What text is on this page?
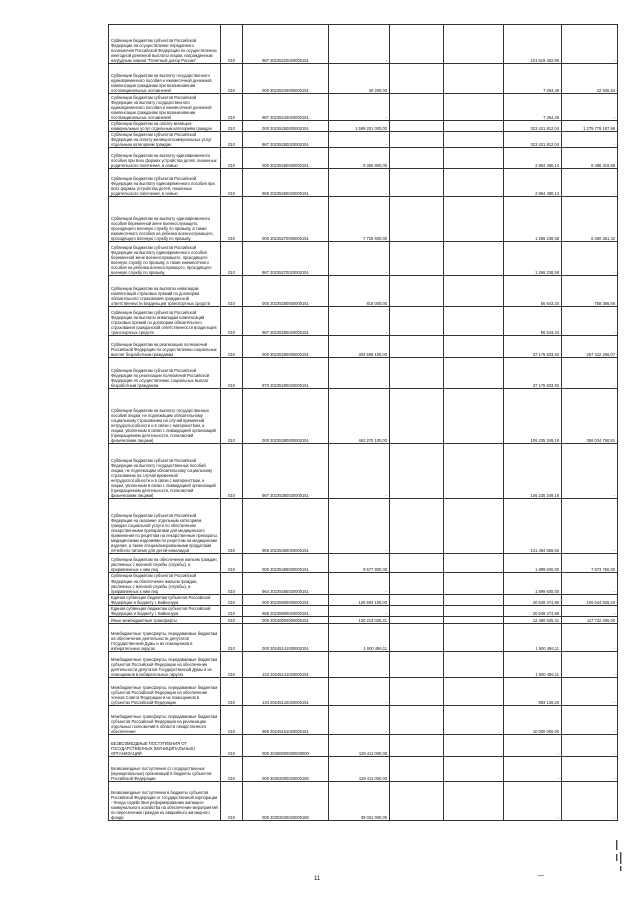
Субвенции бюджетам субъектов Российской Федерации на осуществление переданного полномочия Российской Федерации по осуществлению ежегодной денежной выплаты лицам, награжденным нагрудным знаком "Почетный донор России"	010	987 20235220020000151	-			101 619 452,96	-
Субвенции бюджетам на выплату государственного единовременного пособия и ежемесячной денежной компенсации гражданам при возникновении поствакцинальных осложнений	010	000 20235240000000151	30 200,00			7 264,46	22 935,54
Субвенции бюджетам субъектов Российской Федерации на выплату государственного единовременного пособия и ежемесячной денежной компенсации гражданам при возникновении поствакцинальных осложнений	010	987 20235240020000151	-			7 264,46	-
Субвенции бюджетам на оплату жилищно-коммунальных услуг отдельным категориям граждан	010	000 20235250000000151	1 599 201 000,00			323 421 812,04	1 275 779 187,96
Субвенции бюджетам субъектов Российской Федерации на оплату жилищно-коммунальных услуг отдельным категориям граждан	010	987 20235250020000151	-			323 421 812,04	-
Субвенции бюджетам на выплату единовременного пособия при всех формах устройства детей, лишенных родительского попечения, в семью	010	000 20235260000000151	9 350 800,00			2 864 480,14	6 486 319,86
Субвенции бюджетам субъектов Российской Федерации на выплату единовременного пособия при всех формах устройства детей, лишенных родительского попечения, в семью	010	968 20235260020000151	-			2 864 480,14	-
Субвенции бюджетам на выплату единовременного пособия беременной жене военнослужащего, проходящего военную службу по призыву, а также ежемесячного пособия на ребенка военнослужащего, проходящего военную службу по призыву	010	000 20235270000000151	7 726 600,00			1 266 238,58	6 460 361,42
Субвенции бюджетам субъектов Российской Федерации на выплату единовременного пособия беременной жене военнослужащего, проходящего военную службу по призыву, а также ежемесячного пособия на ребенка военнослужащего, проходящего военную службу по призыву	010	987 20235270020000151	-			1 266 238,58	-
Субвенции бюджетам на выплаты инвалидам компенсаций страховых премий по договорам обязательного страхования гражданской ответственности владельцев транспортных средств	010	000 20235280000000151	815 000,00			56 643,34	758 356,66
Субвенции бюджетам субъектов Российской Федерации на выплаты инвалидам компенсаций страховых премий по договорам обязательного страхования гражданской ответственности владельцев транспортных средств	010	987 20235280020000151	-			56 643,34	-
Субвенции бюджетам на реализацию полномочий Российской Федерации по осуществлению социальных выплат безработным гражданам	010	000 20235290000000151	304 598 100,00			37 175 833,93	267 422 266,07
Субвенции бюджетам субъектов Российской Федерации по реализации полномочий Российской Федерации по осуществлению социальных выплат безработным гражданам	010	970 20235290020000151	-			37 175 833,93	-
Субвенции бюджетам на выплату государственных пособий лицам, не подлежащим обязательному социальному страхованию на случай временной нетрудоспособности и в связи с материнством, и лицам, уволенным в связи с ликвидацией организаций (прекращением деятельности, полномочий физическими лицами)	010	000 20235380000000151	462 270 100,00			106 235 349,19	356 034 750,81
Субвенции бюджетам субъектов Российской Федерации на выплату государственных пособий лицам, не подлежащим обязательному социальному страхованию на случай временной нетрудоспособности и в связи с материнством, и лицам, уволенным в связи с ликвидацией организаций (прекращением деятельности, полномочий физическими лицами)	010	987 20235380020000151	-			106 235 349,19	-
Субвенции бюджетам субъектов Российской Федерации на оказание отдельным категориям граждан социальной услуги по обеспечению лекарственными препаратами для медицинского применения по рецептам на лекарственные препараты, медицинскими изделиями по рецептам на медицинские изделия, а также специализированными продуктами лечебного питания для детей-инвалидов	010	966 20235460020000151	-			131 484 555,56	-
Субвенции бюджетам на обеспечение жильем граждан, уволенных с военной службы (службы), и приравненных к ним лиц	010	000 20235485000000151	9 577 800,00			1 899 600,00	7 673 750,00
Субвенции бюджетам субъектов Российской Федерации на обеспечение жильем граждан, уволенных с военной службы (службы), и приравненных к ним лиц	010	964 20235485020000151	-			1 899 600,00	-
Единая субвенция бюджетам субъектов Российской Федерации и бюджету г. Байконура	010	000 20235900000000151	125 594 100,00			20 549 274,80	105 044 825,40
Единая субвенция бюджетам субъектов Российской Федерации и бюджету г. Байконура	010	985 20235900020000151	-			20 549 274,80	-
Иные межбюджетные трансферты	010	000 20240000000000151	130 213 025,31			12 480 625,31	117 732 400,00
Межбюджетные трансферты, передаваемые бюджетам на обеспечение деятельности депутатов Государственной Думы и их помощников в избирательных округах	010	000 20245141000000151	1 600 486,11			1 600 486,11	-
Межбюджетные трансферты, передаваемые бюджетам субъектов Российской Федерации на обеспечение деятельности депутатов Государственной Думы и их помощников в избирательных округах	010	133 20245141020000151	-			1 600 486,11	-
Межбюджетные трансферты, передаваемые бюджетам субъектов Российской Федерации на обеспечение членов Совета Федерации и их помощников в субъектах Российской Федерации	010	134 20245142020000151	-			893 139,20	-
Межбюджетные трансферты, передаваемые бюджетам субъектов Российской Федерации на реализацию отдельных полномочий в области лекарственного обеспечения	010	966 20245161020000151	-			10 000 000,00	-
БЕЗВОЗМЕЗДНЫЕ ПОСТУПЛЕНИЯ ОТ ГОСУДАРСТВЕННЫХ (МУНИЦИПАЛЬНЫХ) ОРГАНИЗАЦИЙ	010	000 20300000000000000	129 411 000,00			-	-
Безвозмездные поступления от государственных (муниципальных) организаций в бюджеты субъектов Российской Федерации	010	000 20302000020000180	129 411 000,00			-	-
Безвозмездные поступления в бюджеты субъектов Российской Федерации от государственной корпорации - Фонда содействия реформированию жилищно-коммунального хозяйства на обеспечение мероприятий по переселению граждан из аварийного жилищного фонда	010	000 20302040020000180	39 031 000,00			-	-
11	—
